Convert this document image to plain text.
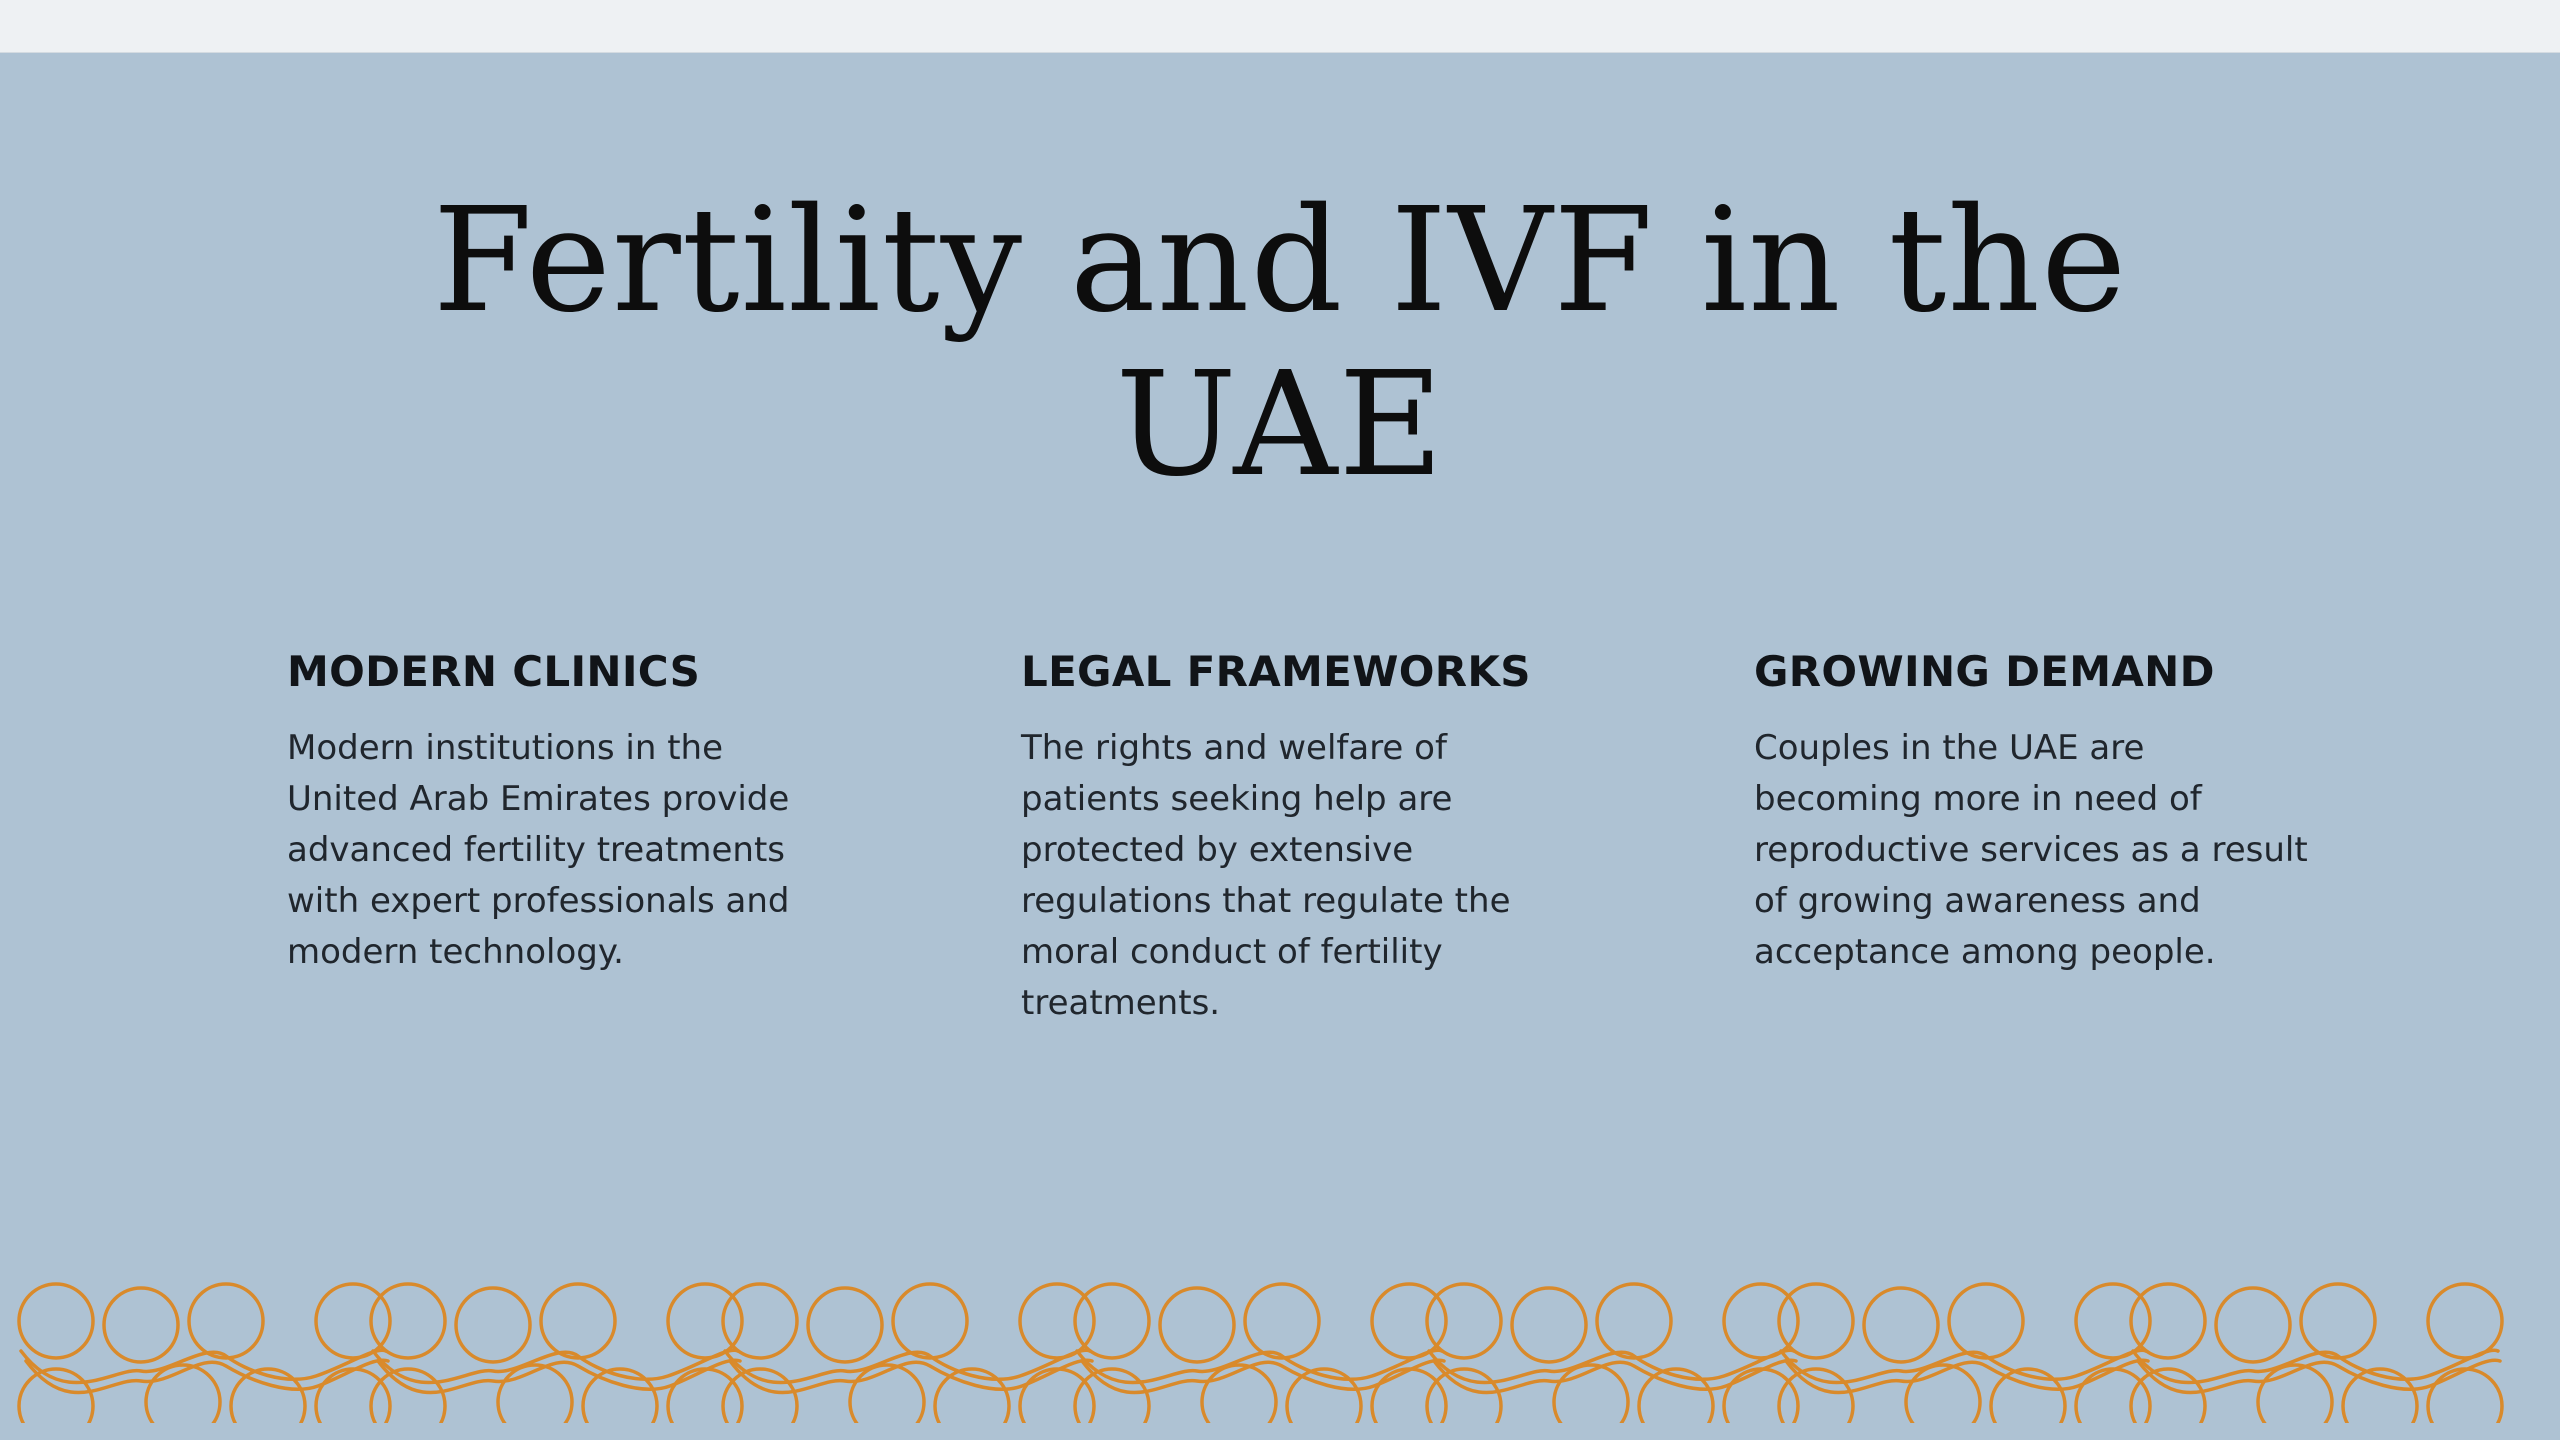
Fertility and IVF in the
UAE
MODERN CLINICS

Modern institutions in the
United Arab Emirates provide
advanced fertility treatments
with expert professionals and
modern technology.

LEGAL FRAMEWORKS

The rights and welfare of
patients seeking help are
protected by extensive
regulations that regulate the
moral conduct of fertility
treatments.

GROWING DEMAND

Couples in the UAE are
becoming more in need of
reproductive services as a result
of growing awareness and
acceptance among people.
